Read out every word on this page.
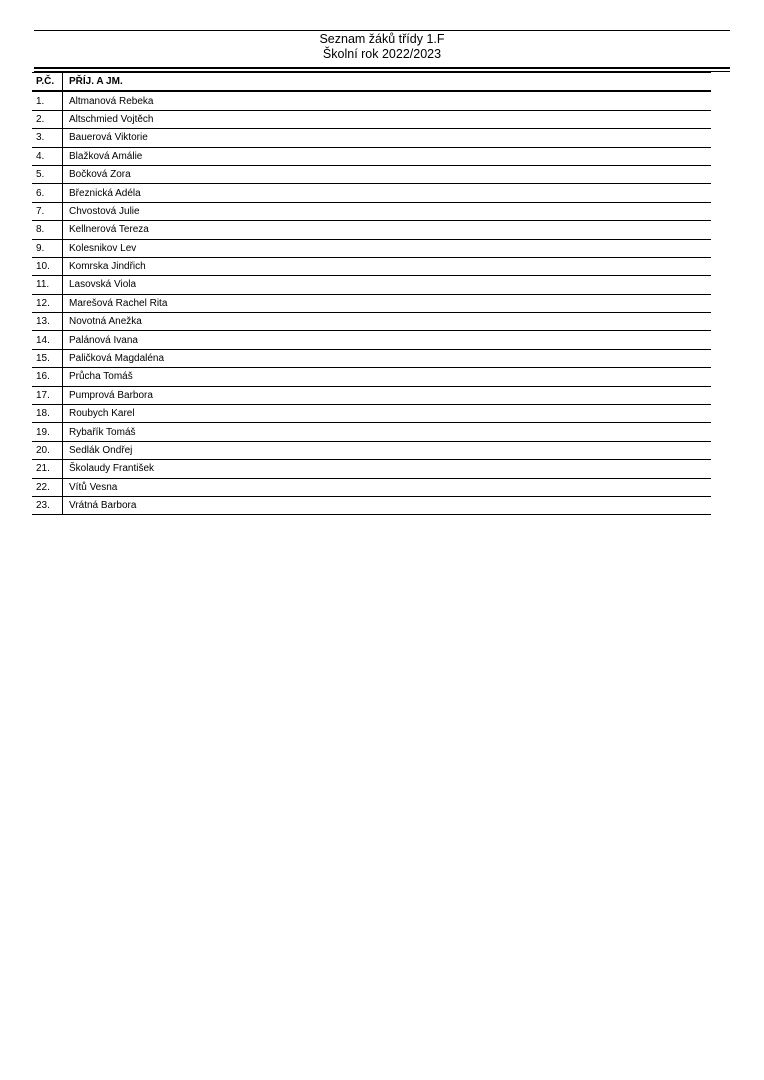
Seznam žáků třídy 1.F
Školní rok 2022/2023
P.Č.	PŘÍJ. A JM.
1.	Altmanová Rebeka
2.	Altschmied Vojtěch
3.	Bauerová Viktorie
4.	Blažková Amálie
5.	Bočková Zora
6.	Březnická Adéla
7.	Chvostová Julie
8.	Kellnerová Tereza
9.	Kolesnikov Lev
10.	Komrska Jindřich
11.	Lasovská Viola
12.	Marešová Rachel Rita
13.	Novotná Anežka
14.	Palánová Ivana
15.	Paličková Magdaléna
16.	Průcha Tomáš
17.	Pumprová Barbora
18.	Roubych Karel
19.	Rybařík Tomáš
20.	Sedlák Ondřej
21.	Školaudy František
22.	Vítů Vesna
23.	Vrátná Barbora
